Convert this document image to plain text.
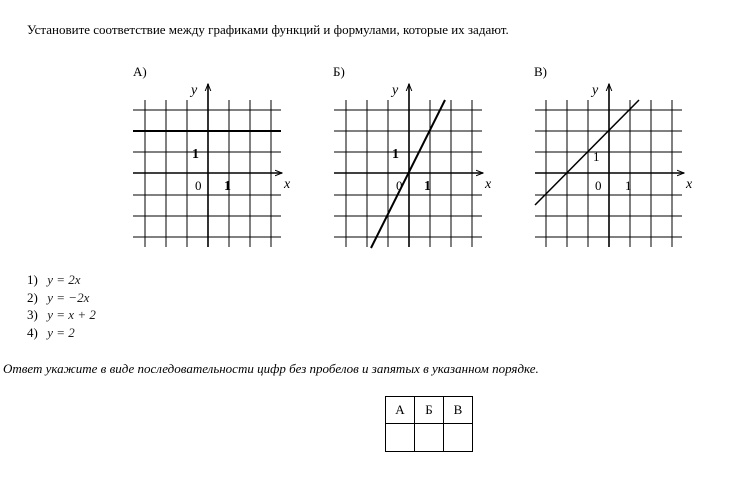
Установите соответствие между графиками функций и формулами, которые их задают.
А)
y
x
1
1
0
Б)
y
x
1
1
0
В)
y
x
1
1
0
1) y = 2x
2) y = −2x
3) y = x + 2
4) y = 2
Ответ укажите в виде последовательности цифр без пробелов и запятых в указанном порядке.
А	Б	В
